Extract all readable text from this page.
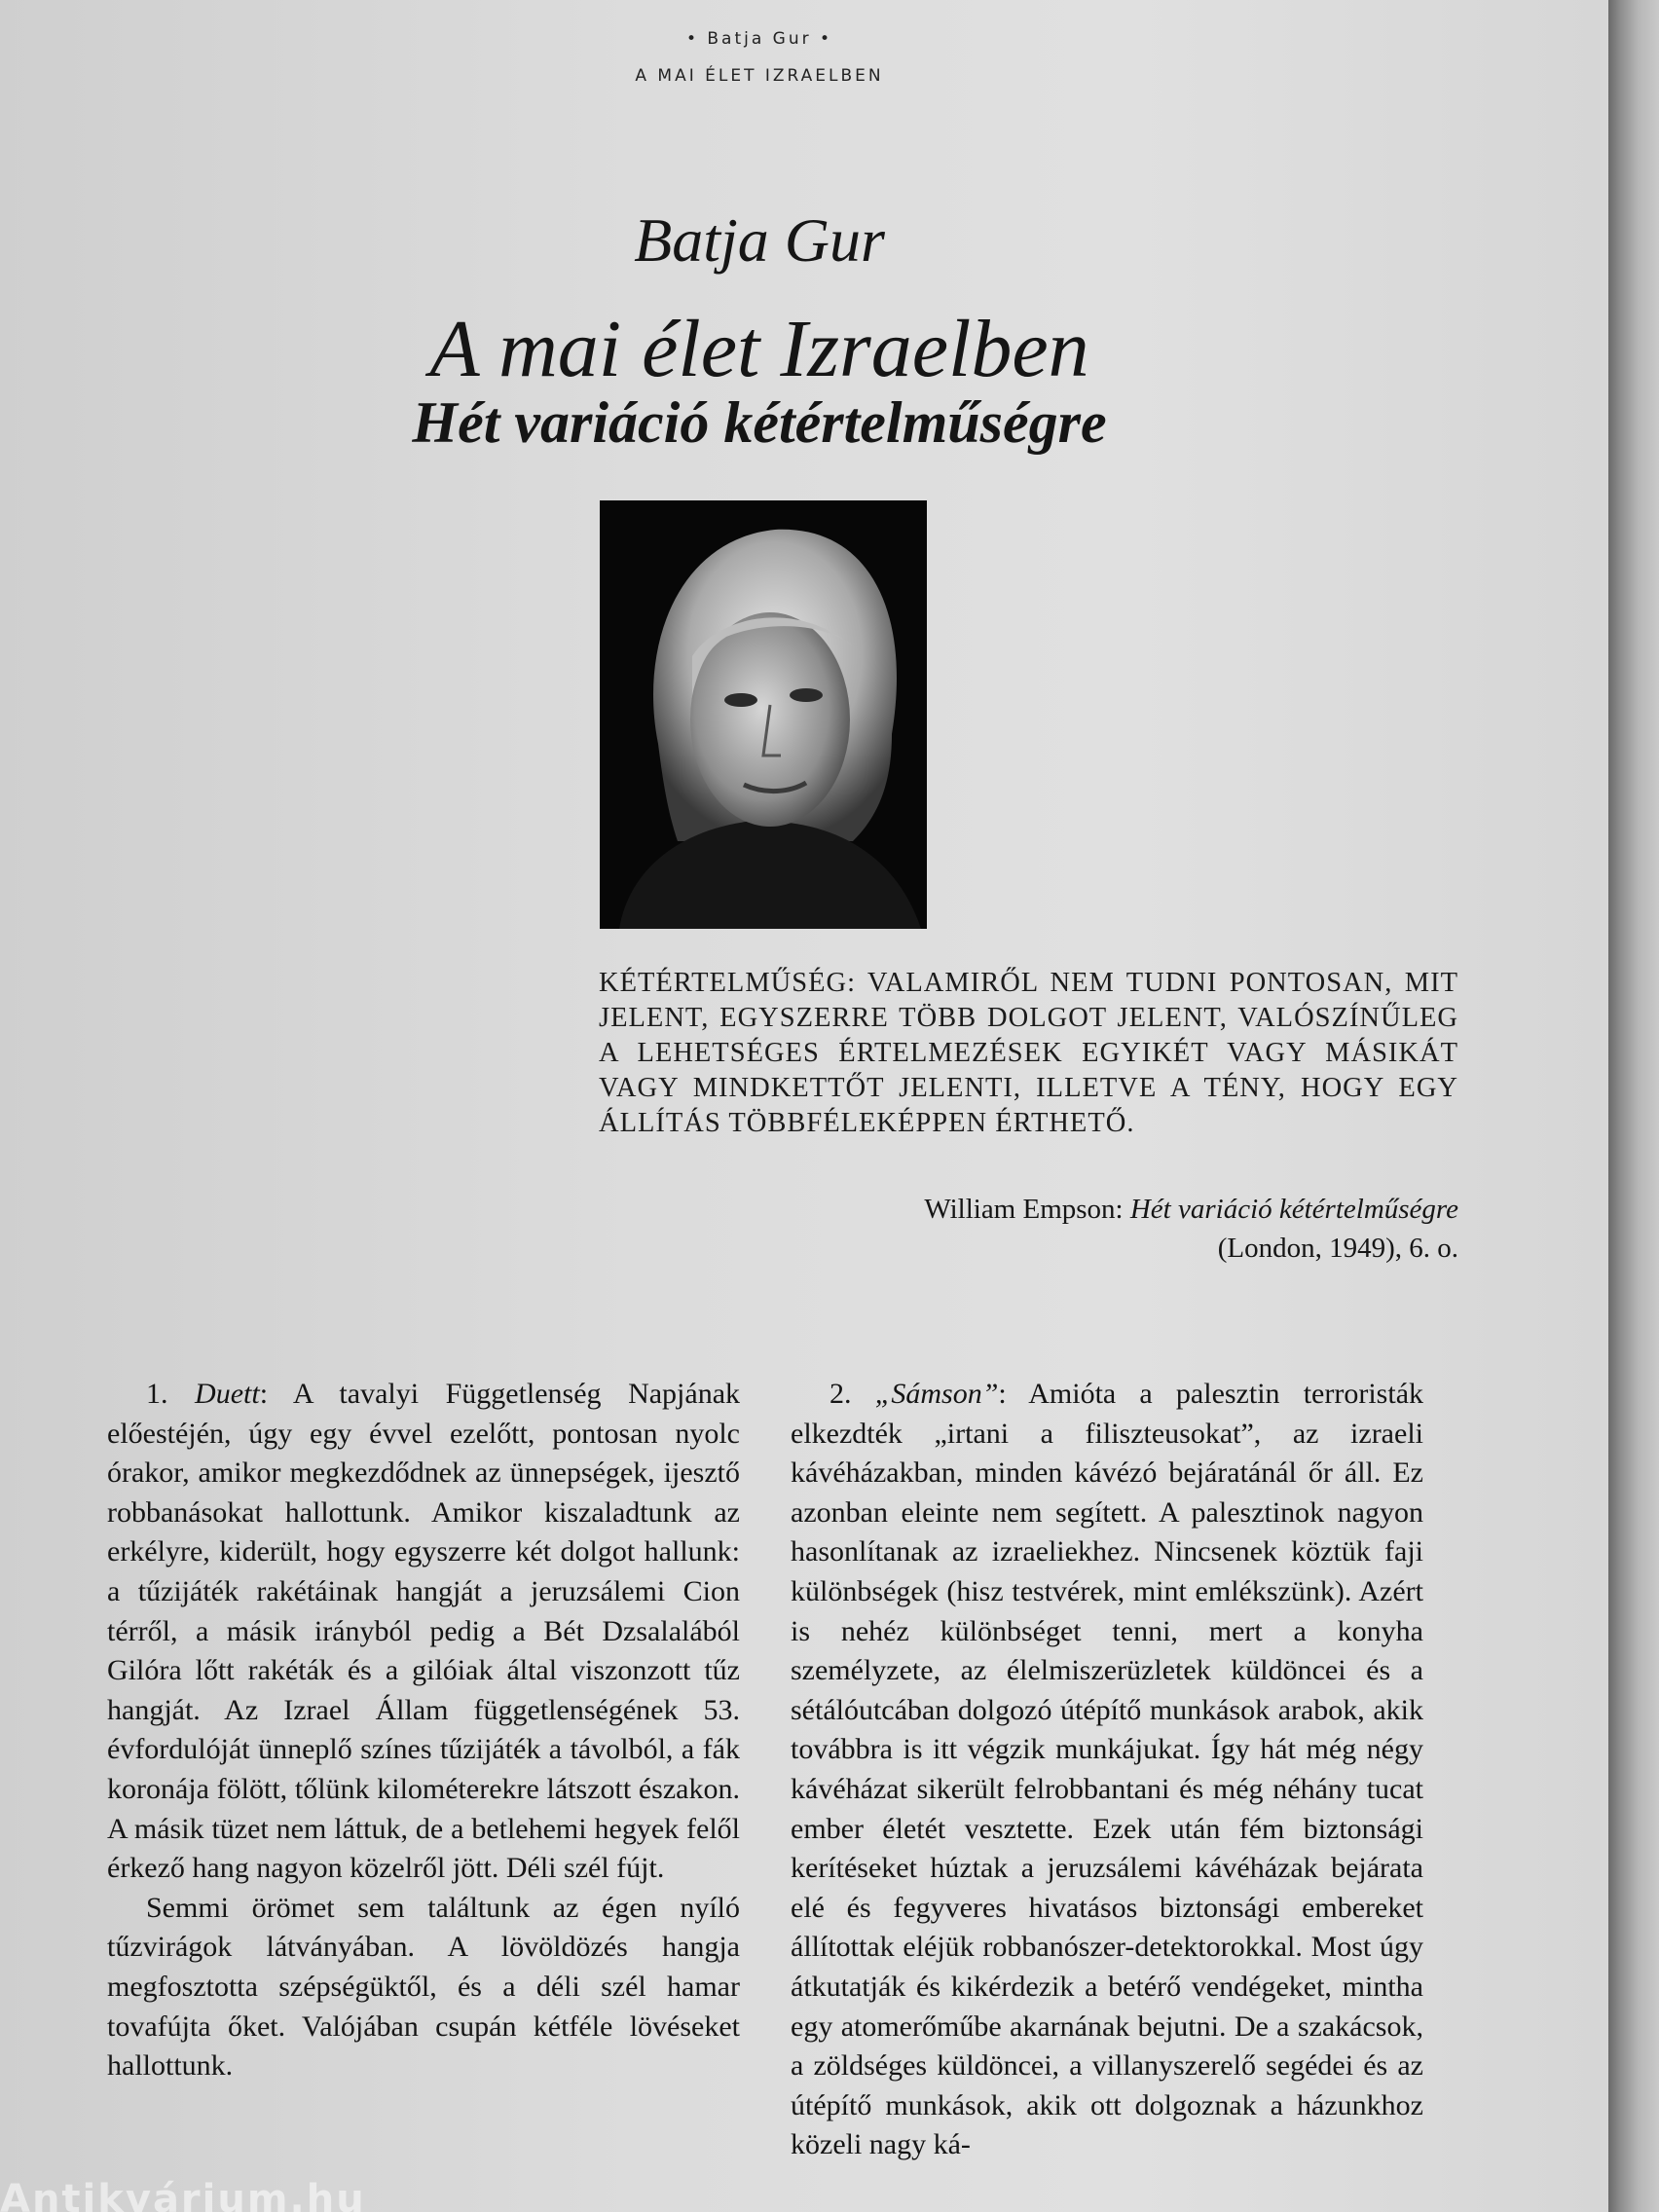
• Batja Gur •
A MAI ÉLET IZRAELBEN
Batja Gur
A mai élet Izraelben
Hét variáció kétértelműségre
KÉTÉRTELMŰSÉG: VALAMIRŐL NEM TUDNI PONTOSAN, MIT JELENT, EGYSZERRE TÖBB DOLGOT JELENT, VALÓSZÍNŰLEG A LEHETSÉGES ÉRTELMEZÉSEK EGYIKÉT VAGY MÁSIKÁT VAGY MINDKETTŐT JELENTI, ILLETVE A TÉNY, HOGY EGY ÁLLÍTÁS TÖBBFÉLEKÉPPEN ÉRTHETŐ.
William Empson: Hét variáció kétértelműségre
(London, 1949), 6. o.

1. Duett: A tavalyi Függetlenség Napjának előestéjén, úgy egy évvel ezelőtt, pontosan nyolc órakor, amikor megkezdődnek az ünnepségek, ijesztő robbanásokat hallottunk. Amikor kiszaladtunk az erkélyre, kiderült, hogy egyszerre két dolgot hallunk: a tűzijáték rakétáinak hangját a jeruzsálemi Cion térről, a másik irányból pedig a Bét Dzsalalából Gilóra lőtt rakéták és a gilóiak által viszonzott tűz hangját. Az Izrael Állam függetlenségének 53. évfordulóját ünneplő színes tűzijáték a távolból, a fák koronája fölött, tőlünk kilométerekre látszott északon. A másik tüzet nem láttuk, de a betlehemi hegyek felől érkező hang nagyon közelről jött. Déli szél fújt.

Semmi örömet sem találtunk az égen nyíló tűzvirágok látványában. A lövöldözés hangja megfosztotta szépségüktől, és a déli szél hamar tovafújta őket. Valójában csupán kétféle lövéseket hallottunk.

2. „Sámson”: Amióta a palesztin terroristák elkezdték „irtani a filiszteusokat”, az izraeli kávéházakban, minden kávézó bejáratánál őr áll. Ez azonban eleinte nem segített. A palesztinok nagyon hasonlítanak az izraeliekhez. Nincsenek köztük faji különbségek (hisz testvérek, mint emlékszünk). Azért is nehéz különbséget tenni, mert a konyha személyzete, az élelmiszerüzletek küldöncei és a sétálóutcában dolgozó útépítő munkások arabok, akik továbbra is itt végzik munkájukat. Így hát még négy kávéházat sikerült felrobbantani és még néhány tucat ember életét vesztette. Ezek után fém biztonsági kerítéseket húztak a jeruzsálemi kávéházak bejárata elé és fegyveres hivatásos biztonsági embereket állítottak eléjük robbanószer-detektorokkal. Most úgy átkutatják és kikérdezik a betérő vendégeket, mintha egy atomerőműbe akarnának bejutni. De a szakácsok, a zöldséges küldöncei, a villanyszerelő segédei és az útépítő munkások, akik ott dolgoznak a házunkhoz közeli nagy ká-

Antikvárium.hu
